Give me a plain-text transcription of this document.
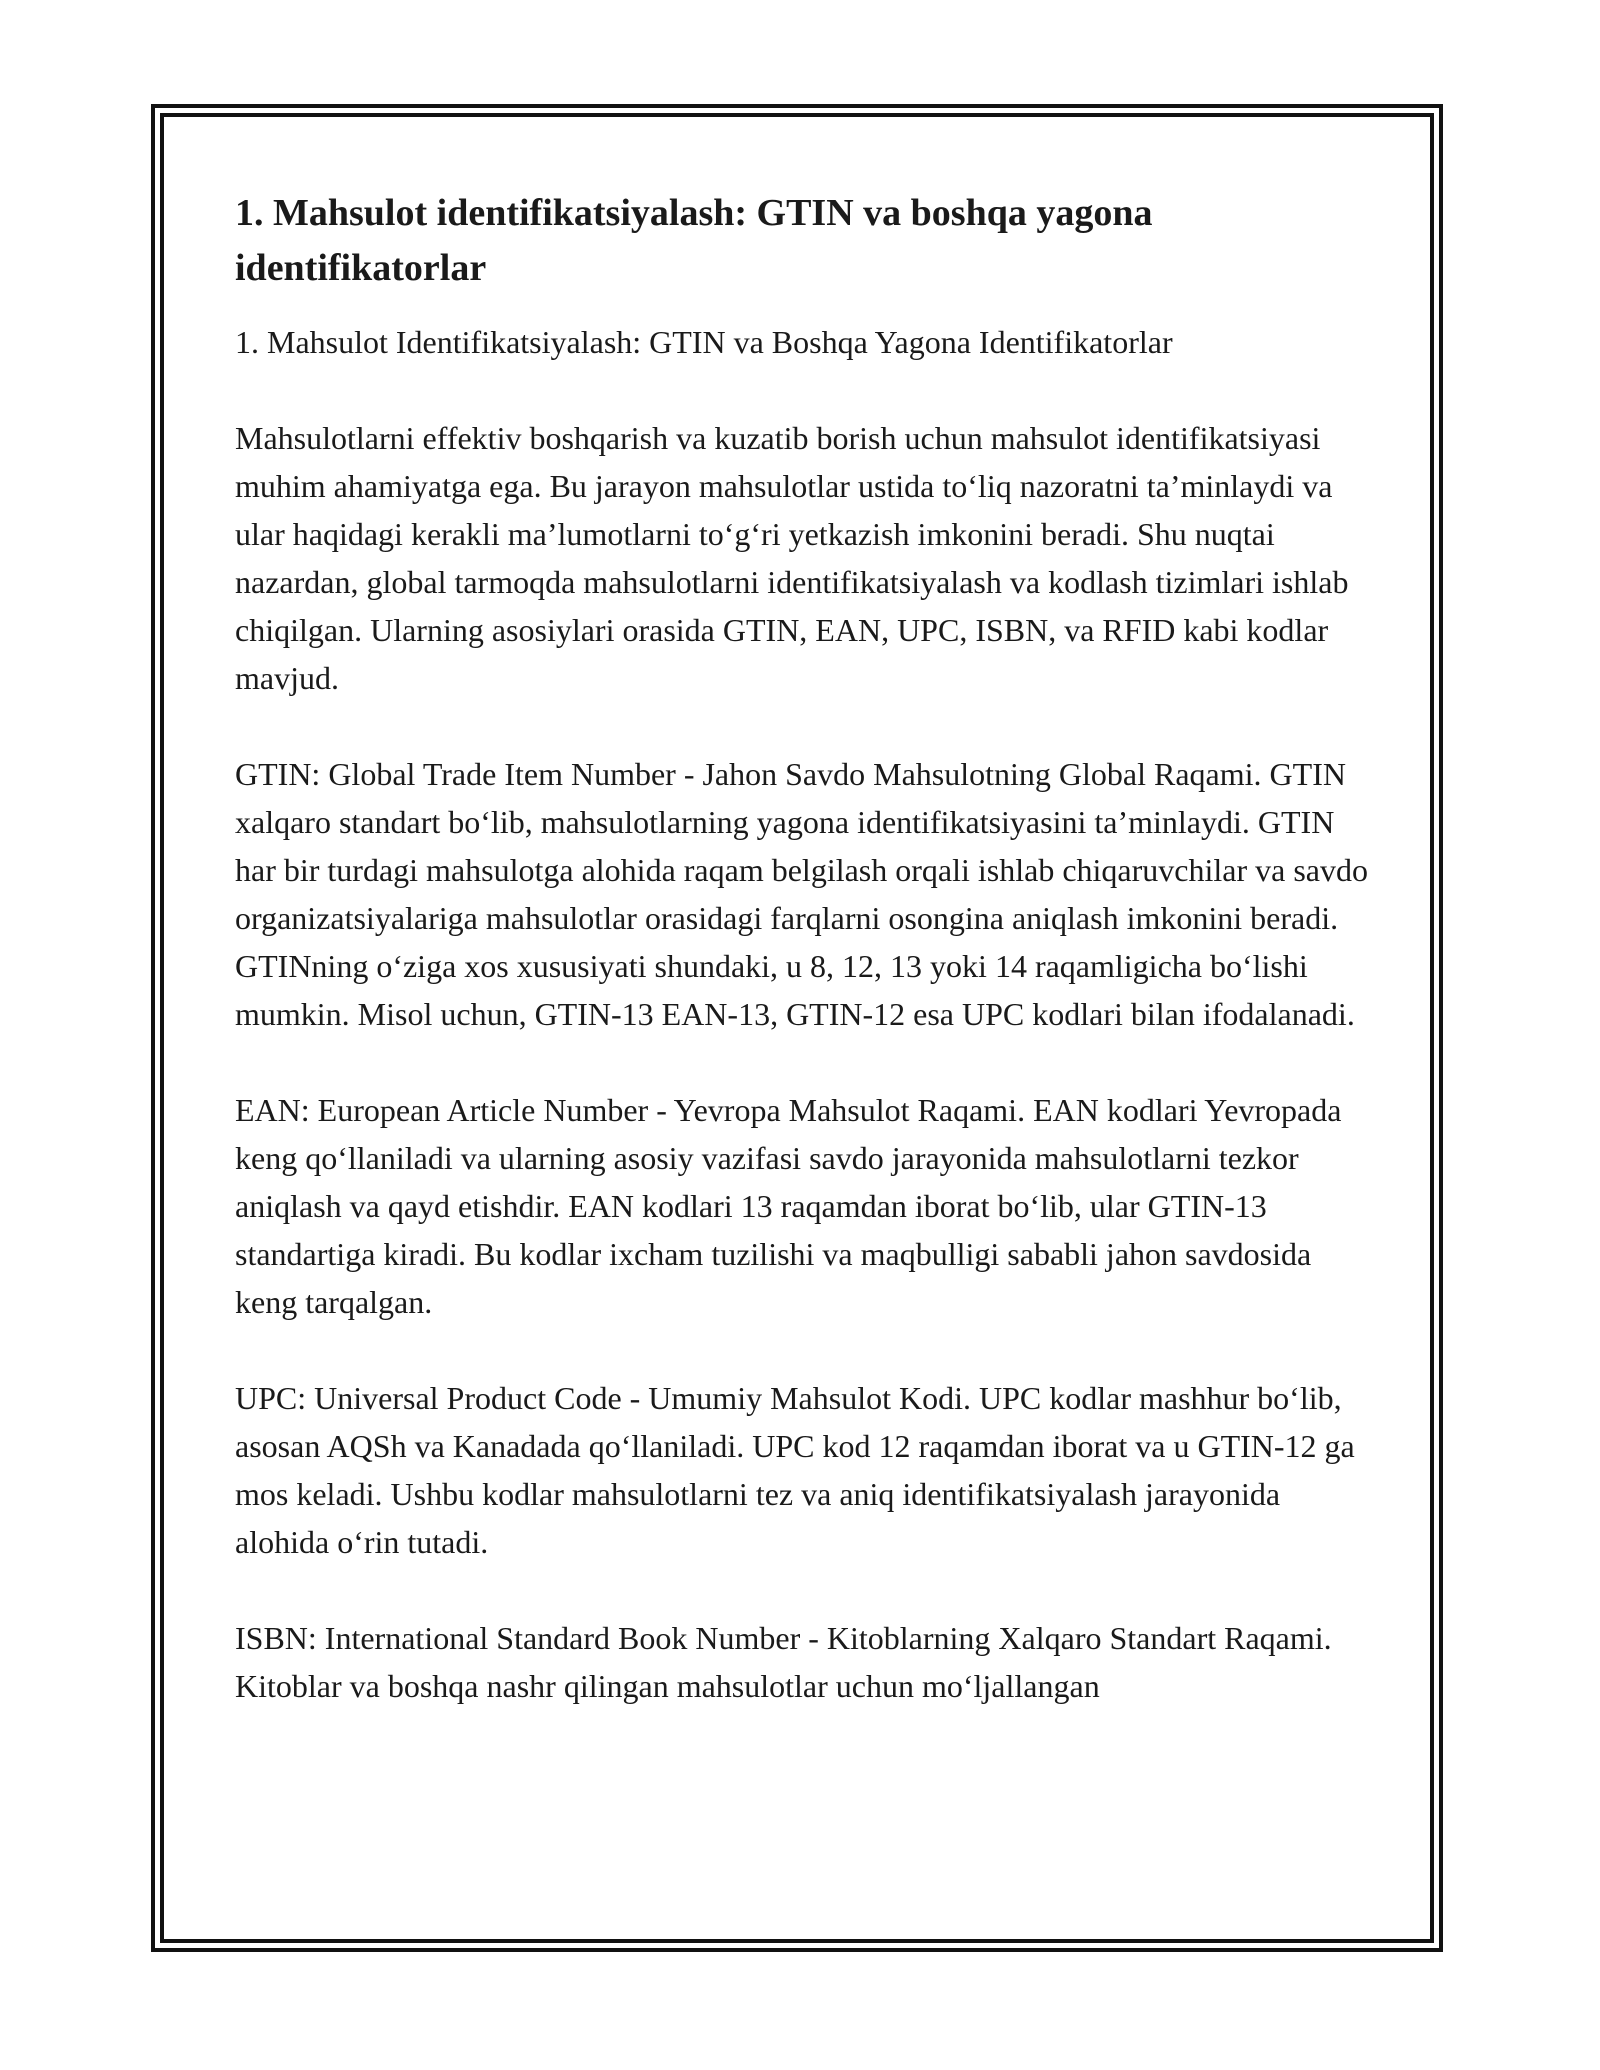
1. Mahsulot identifikatsiyalash: GTIN va boshqa yagona identifikatorlar

1. Mahsulot Identifikatsiyalash: GTIN va Boshqa Yagona Identifikatorlar

Mahsulotlarni effektiv boshqarish va kuzatib borish uchun mahsulot identifikatsiyasi muhim ahamiyatga ega. Bu jarayon mahsulotlar ustida to‘liq nazoratni ta’minlaydi va ular haqidagi kerakli ma’lumotlarni to‘g‘ri yetkazish imkonini beradi. Shu nuqtai nazardan, global tarmoqda mahsulotlarni identifikatsiyalash va kodlash tizimlari ishlab chiqilgan. Ularning asosiylari orasida GTIN, EAN, UPC, ISBN, va RFID kabi kodlar mavjud.

GTIN: Global Trade Item Number - Jahon Savdo Mahsulotning Global Raqami. GTIN xalqaro standart bo‘lib, mahsulotlarning yagona identifikatsiyasini ta’minlaydi. GTIN har bir turdagi mahsulotga alohida raqam belgilash orqali ishlab chiqaruvchilar va savdo organizatsiyalariga mahsulotlar orasidagi farqlarni osongina aniqlash imkonini beradi. GTINning o‘ziga xos xususiyati shundaki, u 8, 12, 13 yoki 14 raqamligicha bo‘lishi mumkin. Misol uchun, GTIN-13 EAN-13, GTIN-12 esa UPC kodlari bilan ifodalanadi.

EAN: European Article Number - Yevropa Mahsulot Raqami. EAN kodlari Yevropada keng qo‘llaniladi va ularning asosiy vazifasi savdo jarayonida mahsulotlarni tezkor aniqlash va qayd etishdir. EAN kodlari 13 raqamdan iborat bo‘lib, ular GTIN-13 standartiga kiradi. Bu kodlar ixcham tuzilishi va maqbulligi sababli jahon savdosida keng tarqalgan.

UPC: Universal Product Code - Umumiy Mahsulot Kodi. UPC kodlar mashhur bo‘lib, asosan AQSh va Kanadada qo‘llaniladi. UPC kod 12 raqamdan iborat va u GTIN-12 ga mos keladi. Ushbu kodlar mahsulotlarni tez va aniq identifikatsiyalash jarayonida alohida o‘rin tutadi.

ISBN: International Standard Book Number - Kitoblarning Xalqaro Standart Raqami. Kitoblar va boshqa nashr qilingan mahsulotlar uchun mo‘ljallangan
